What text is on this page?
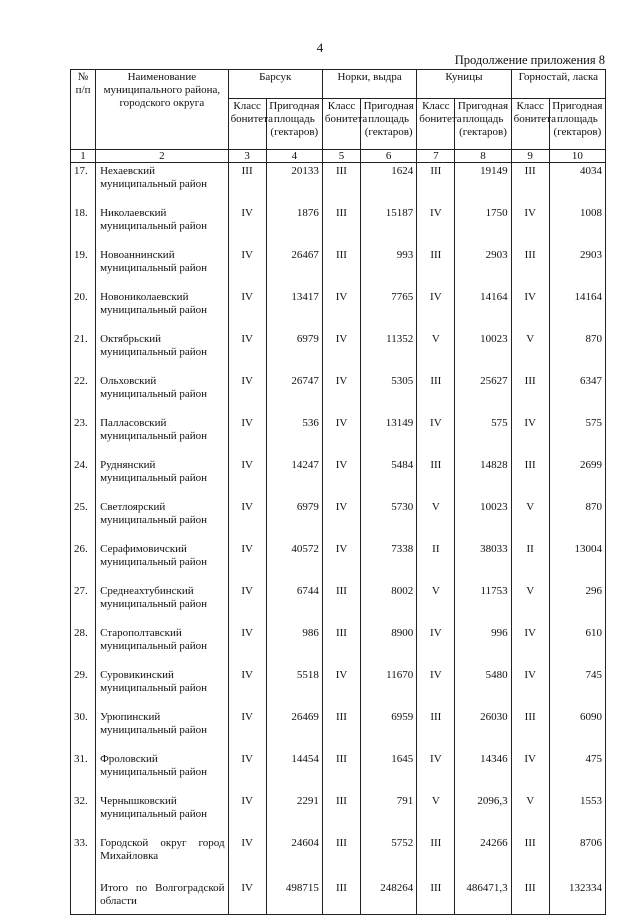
4
Продолжение приложения 8
№ п/п	Наименование муниципального района, городского округа	Барсук		Норки, выдра		Куницы		Горностай, ласка	
		Класс бонитета	Пригодная площадь (гектаров)	Класс бонитета	Пригодная площадь (гектаров)	Класс бонитета	Пригодная площадь (гектаров)	Класс бонитета	Пригодная площадь (гектаров)
1	2	3	4	5	6	7	8	9	10
17.	Нехаевский муниципальный район	III	20133	III	1624	III	19149	III	4034
18.	Николаевский муниципальный район	IV	1876	III	15187	IV	1750	IV	1008
19.	Новоаннинский муниципальный район	IV	26467	III	993	III	2903	III	2903
20.	Новониколаевский муниципальный район	IV	13417	IV	7765	IV	14164	IV	14164
21.	Октябрьский муниципальный район	IV	6979	IV	11352	V	10023	V	870
22.	Ольховский муниципальный район	IV	26747	IV	5305	III	25627	III	6347
23.	Палласовский муниципальный район	IV	536	IV	13149	IV	575	IV	575
24.	Руднянский муниципальный район	IV	14247	IV	5484	III	14828	III	2699
25.	Светлоярский муниципальный район	IV	6979	IV	5730	V	10023	V	870
26.	Серафимовичский муниципальный район	IV	40572	IV	7338	II	38033	II	13004
27.	Среднеахтубинский муниципальный район	IV	6744	III	8002	V	11753	V	296
28.	Старополтавский муниципальный район	IV	986	III	8900	IV	996	IV	610
29.	Суровикинский муниципальный район	IV	5518	IV	11670	IV	5480	IV	745
30.	Урюпинский муниципальный район	IV	26469	III	6959	III	26030	III	6090
31.	Фроловский муниципальный район	IV	14454	III	1645	IV	14346	IV	475
32.	Чернышковский муниципальный район	IV	2291	III	791	V	2096,3	V	1553
33.	Городской округ город Михайловка	IV	24604	III	5752	III	24266	III	8706
	Итого по Волгоградской области	IV	498715	III	248264	III	486471,3	III	132334
